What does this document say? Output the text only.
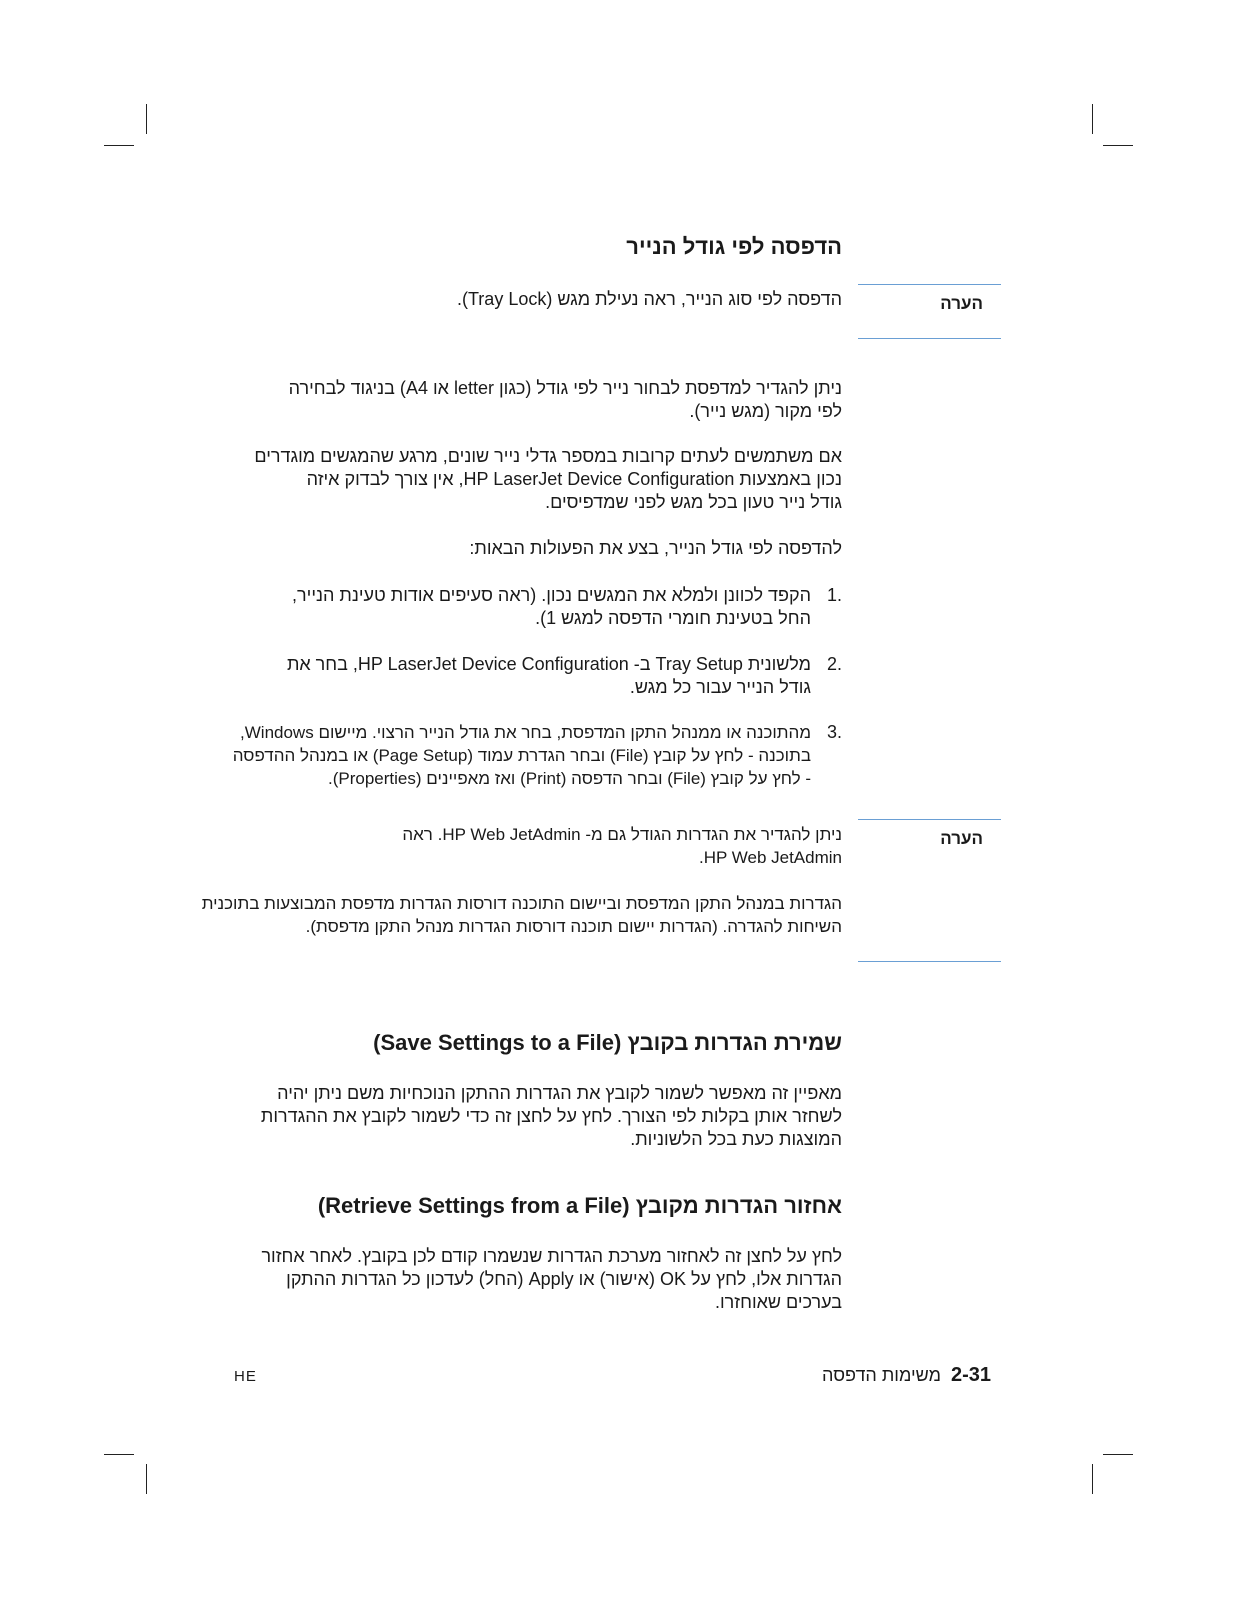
הדפסה לפי גודל הנייר
הערה

הדפסה לפי סוג הנייר, ראה נעילת מגש (Tray Lock).

ניתן להגדיר למדפסת לבחור נייר לפי גודל (כגון letter או A4) בניגוד לבחירה

לפי מקור (מגש נייר).

אם משתמשים לעתים קרובות במספר גדלי נייר שונים, מרגע שהמגשים מוגדרים

נכון באמצעות HP LaserJet Device Configuration, אין צורך לבדוק איזה

גודל נייר טעון בכל מגש לפני שמדפיסים.

להדפסה לפי גודל הנייר, בצע את הפעולות הבאות:

1.

הקפד לכוונן ולמלא את המגשים נכון. (ראה סעיפים אודות טעינת הנייר,

החל בטעינת חומרי הדפסה למגש 1).

2.

מלשונית Tray Setup ב- HP LaserJet Device Configuration, בחר את

גודל הנייר עבור כל מגש.

3.

מהתוכנה או ממנהל התקן המדפסת, בחר את גודל הנייר הרצוי. מיישום Windows,

בתוכנה - לחץ על קובץ (File) ובחר הגדרת עמוד (Page Setup) או במנהל ההדפסה

- לחץ על קובץ (File) ובחר הדפסה (Print) ואז מאפיינים (Properties).

הערה

ניתן להגדיר את הגדרות הגודל גם מ- HP Web JetAdmin. ראה

HP Web JetAdmin.

הגדרות במנהל התקן המדפסת וביישום התוכנה דורסות הגדרות מדפסת המבוצעות בתוכנית

השיחות להגדרה. (הגדרות יישום תוכנה דורסות הגדרות מנהל התקן מדפסת).

שמירת הגדרות בקובץ (Save Settings to a File)

מאפיין זה מאפשר לשמור לקובץ את הגדרות ההתקן הנוכחיות משם ניתן יהיה

לשחזר אותן בקלות לפי הצורך. לחץ על לחצן זה כדי לשמור לקובץ את ההגדרות

המוצגות כעת בכל הלשוניות.

אחזור הגדרות מקובץ (Retrieve Settings from a File)

לחץ על לחצן זה לאחזור מערכת הגדרות שנשמרו קודם לכן בקובץ. לאחר אחזור

הגדרות אלו, לחץ על OK (אישור) או Apply (החל) לעדכון כל הגדרות ההתקן

בערכים שאוחזרו.

HE	2-31משימות הדפסה
